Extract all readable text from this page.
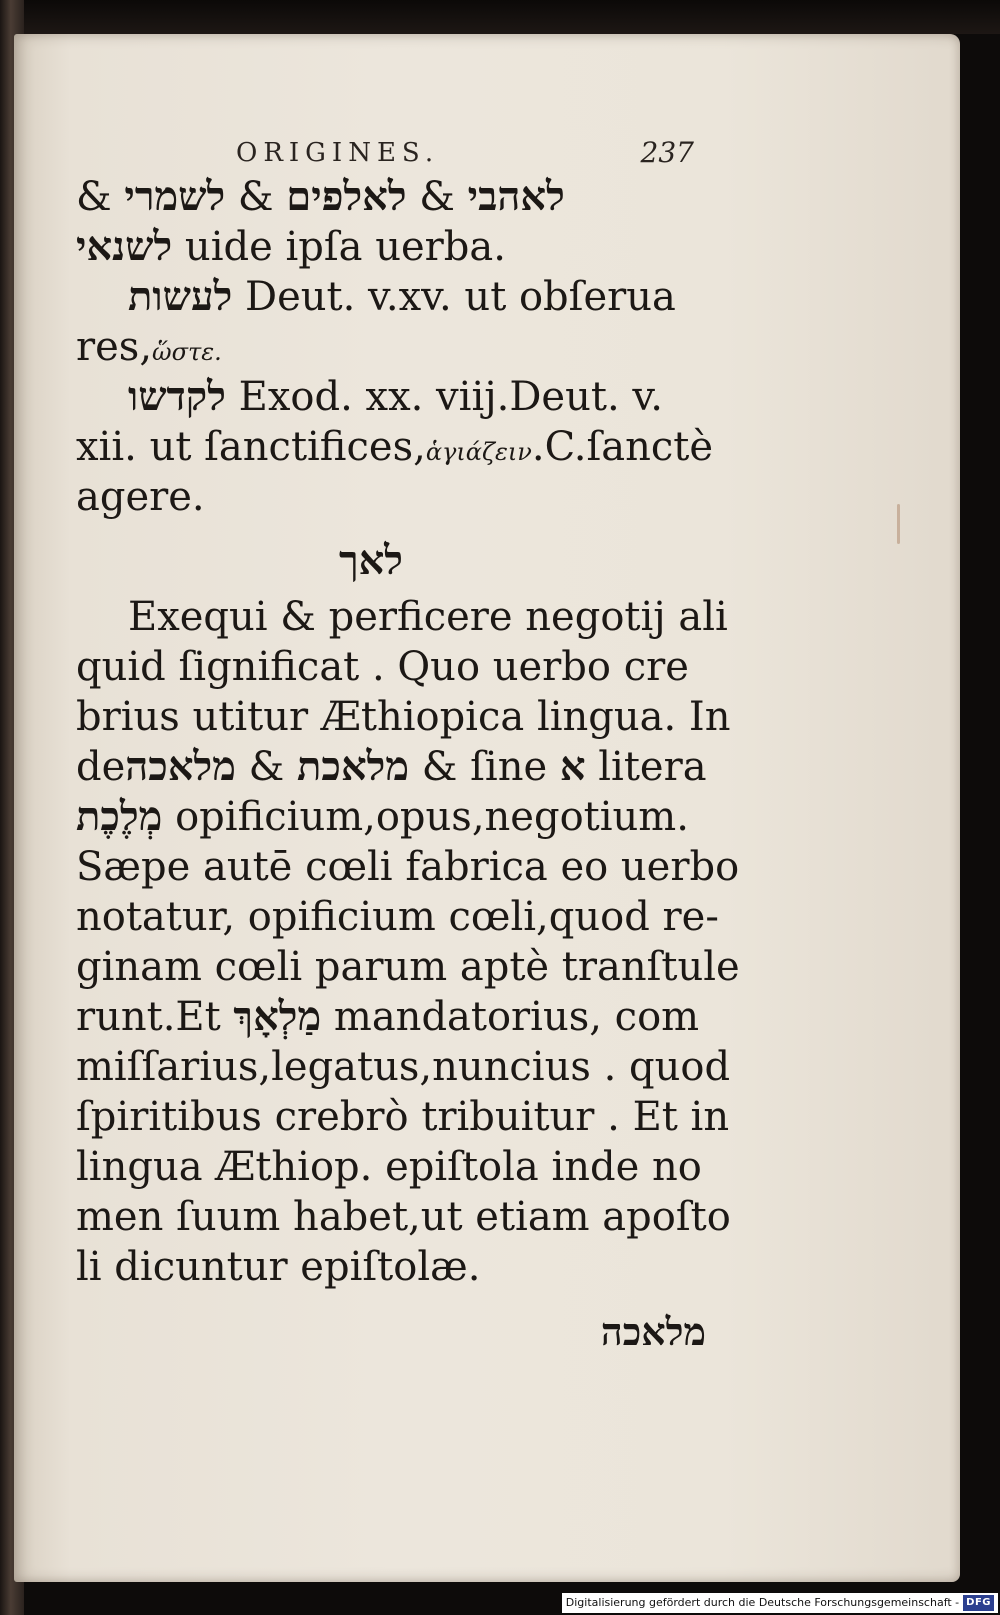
ORIGINES.	237
& לשמרי & לאלפים & לאהבי
לשנאי uide ipſa uerba.
לעשות Deut. v.xv. ut obſerua
res,ὥστε.
לקדשו Exod. xx. viij.Deut. v.
xii. ut ſanctifices,ἁγιάζειν.C.ſanctè
agere.
לאך
Exequi & perficere negotij ali
quid ſignificat . Quo uerbo cre
brius utitur Æthiopica lingua. In
deמלאכה & מלאכת & ſine א litera
מְלֶכֶת opificium,opus,negotium.
Sæpe autē cœli fabrica eo uerbo
notatur, opificium cœli,quod re-
ginam cœli parum aptè tranſtule
runt.Et מַלְאָךְ mandatorius, com
miſſarius,legatus,nuncius . quod
ſpiritibus crebrò tribuitur . Et in
lingua Æthiop. epiſtola inde no
men ſuum habet,ut etiam apoſto
li dicuntur epiſtolæ.
מלאכה
Digitalisierung gefördert durch die Deutsche Forschungsgemeinschaft - DFG
